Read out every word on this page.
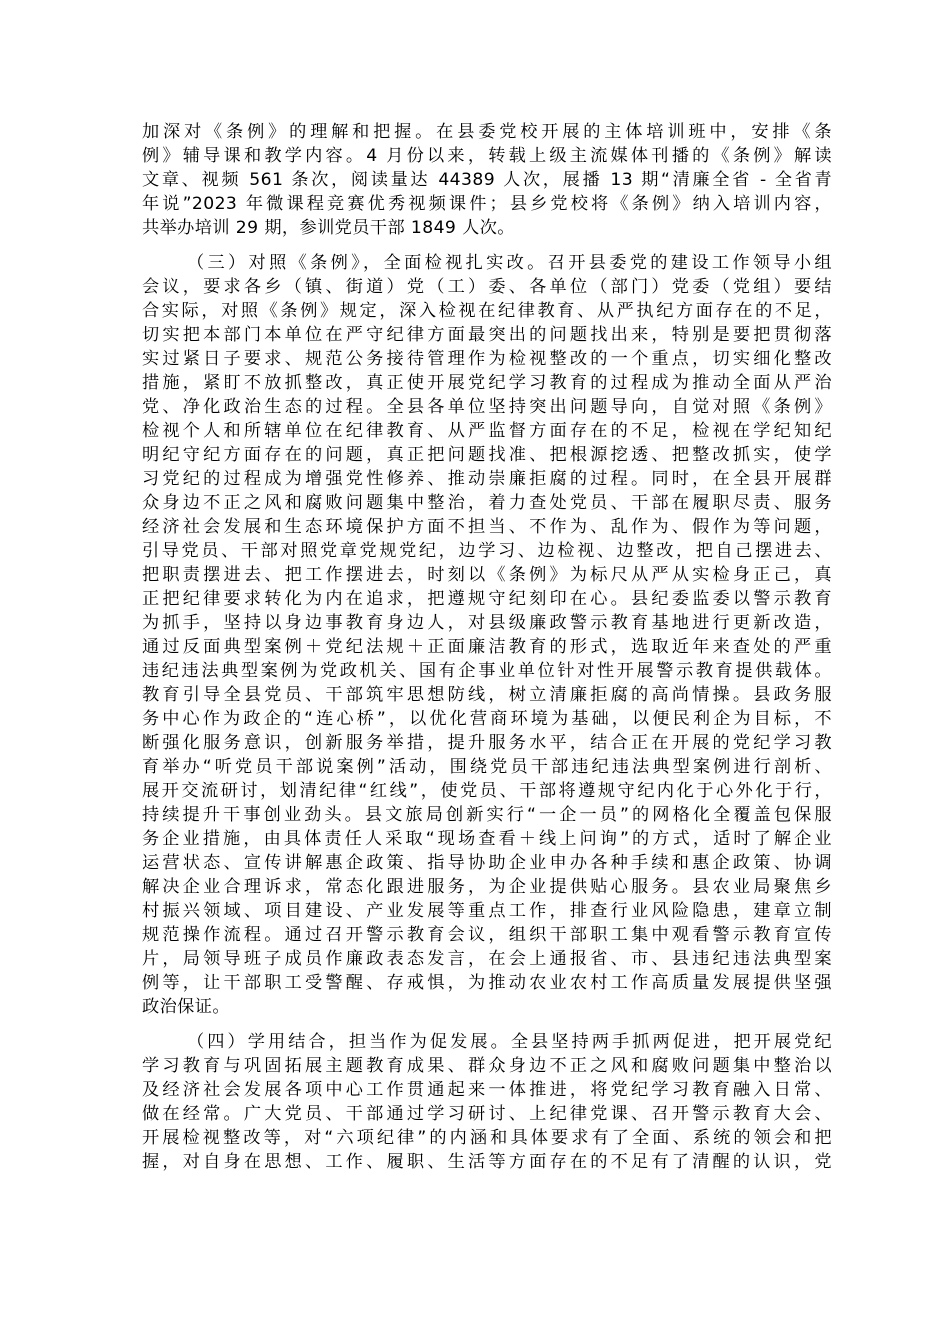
加深对《条例》的理解和把握。在县委党校开展的主体培训班中，安排《条
例》辅导课和教学内容。4 月份以来，转载上级主流媒体刊播的《条例》解读
文章、视频 561 条次，阅读量达 44389 人次，展播 13 期“清廉全省 - 全省青
年说”2023 年微课程竞赛优秀视频课件；县乡党校将《条例》纳入培训内容，
共举办培训 29 期，参训党员干部 1849 人次。
（三）对照《条例》，全面检视扎实改。召开县委党的建设工作领导小组
会议，要求各乡（镇、街道）党（工）委、各单位（部门）党委（党组）要结
合实际，对照《条例》规定，深入检视在纪律教育、从严执纪方面存在的不足，
切实把本部门本单位在严守纪律方面最突出的问题找出来，特别是要把贯彻落
实过紧日子要求、规范公务接待管理作为检视整改的一个重点，切实细化整改
措施，紧盯不放抓整改，真正使开展党纪学习教育的过程成为推动全面从严治
党、净化政治生态的过程。全县各单位坚持突出问题导向，自觉对照《条例》
检视个人和所辖单位在纪律教育、从严监督方面存在的不足，检视在学纪知纪
明纪守纪方面存在的问题，真正把问题找准、把根源挖透、把整改抓实，使学
习党纪的过程成为增强党性修养、推动崇廉拒腐的过程。同时，在全县开展群
众身边不正之风和腐败问题集中整治，着力查处党员、干部在履职尽责、服务
经济社会发展和生态环境保护方面不担当、不作为、乱作为、假作为等问题，
引导党员、干部对照党章党规党纪，边学习、边检视、边整改，把自己摆进去、
把职责摆进去、把工作摆进去，时刻以《条例》为标尺从严从实检身正己，真
正把纪律要求转化为内在追求，把遵规守纪刻印在心。县纪委监委以警示教育
为抓手，坚持以身边事教育身边人，对县级廉政警示教育基地进行更新改造，
通过反面典型案例＋党纪法规＋正面廉洁教育的形式，选取近年来查处的严重
违纪违法典型案例为党政机关、国有企事业单位针对性开展警示教育提供载体。
教育引导全县党员、干部筑牢思想防线，树立清廉拒腐的高尚情操。县政务服
务中心作为政企的“连心桥”，以优化营商环境为基础，以便民利企为目标，不
断强化服务意识，创新服务举措，提升服务水平，结合正在开展的党纪学习教
育举办“听党员干部说案例”活动，围绕党员干部违纪违法典型案例进行剖析、
展开交流研讨，划清纪律“红线”，使党员、干部将遵规守纪内化于心外化于行，
持续提升干事创业劲头。县文旅局创新实行“一企一员”的网格化全覆盖包保服
务企业措施，由具体责任人采取“现场查看＋线上问询”的方式，适时了解企业
运营状态、宣传讲解惠企政策、指导协助企业申办各种手续和惠企政策、协调
解决企业合理诉求，常态化跟进服务，为企业提供贴心服务。县农业局聚焦乡
村振兴领域、项目建设、产业发展等重点工作，排查行业风险隐患，建章立制
规范操作流程。通过召开警示教育会议，组织干部职工集中观看警示教育宣传
片，局领导班子成员作廉政表态发言，在会上通报省、市、县违纪违法典型案
例等，让干部职工受警醒、存戒惧，为推动农业农村工作高质量发展提供坚强
政治保证。
（四）学用结合，担当作为促发展。全县坚持两手抓两促进，把开展党纪
学习教育与巩固拓展主题教育成果、群众身边不正之风和腐败问题集中整治以
及经济社会发展各项中心工作贯通起来一体推进，将党纪学习教育融入日常、
做在经常。广大党员、干部通过学习研讨、上纪律党课、召开警示教育大会、
开展检视整改等，对“六项纪律”的内涵和具体要求有了全面、系统的领会和把
握，对自身在思想、工作、履职、生活等方面存在的不足有了清醒的认识，党
